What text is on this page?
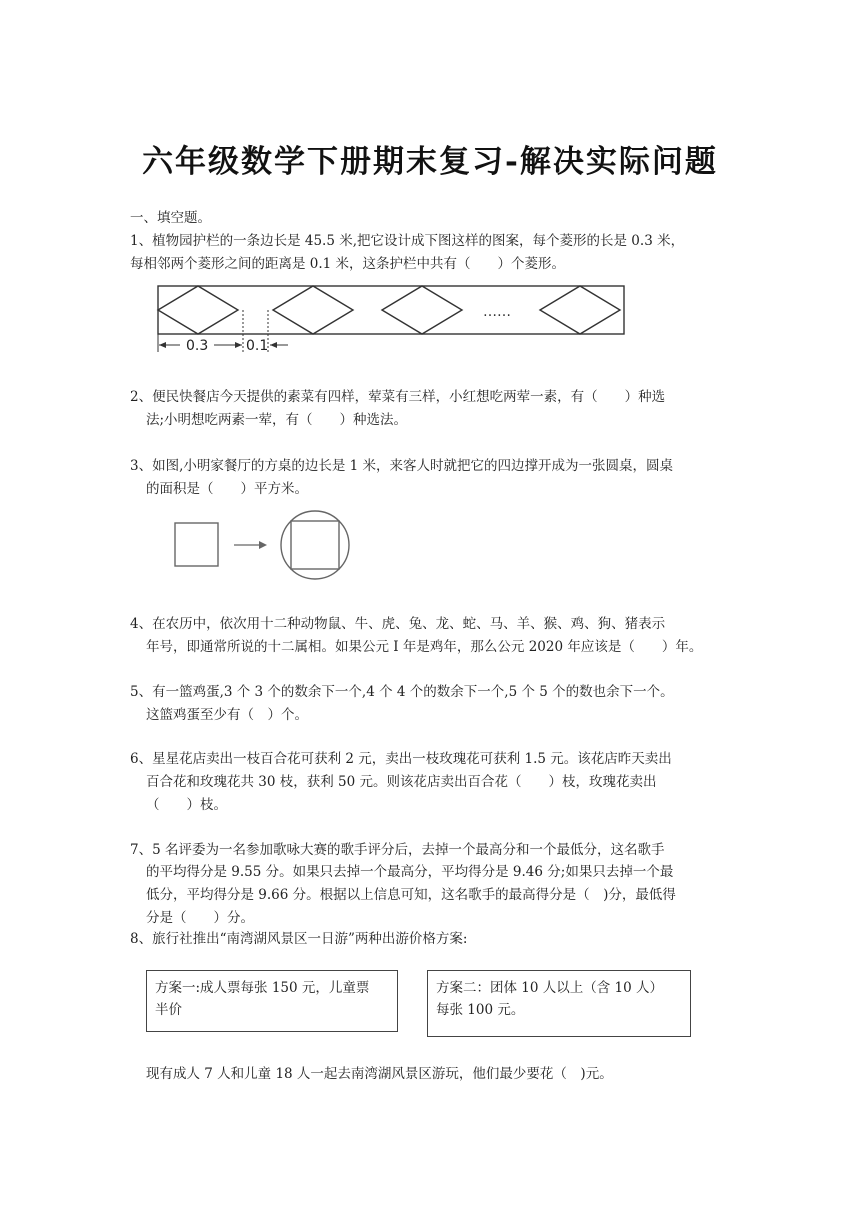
六年级数学下册期末复习-解决实际问题
一、填空题。
1、植物园护栏的一条边长是 45.5 米,把它设计成下图这样的图案，每个菱形的长是 0.3 米，
每相邻两个菱形之间的距离是 0.1 米，这条护栏中共有（　　）个菱形。
……
0.3	0.1
2、便民快餐店今天提供的素菜有四样，荤菜有三样，小红想吃两荤一素，有（　　）种选
法;小明想吃两素一荤，有（　　）种选法。
3、如图,小明家餐厅的方桌的边长是 1 米，来客人时就把它的四边撑开成为一张圆桌，圆桌
的面积是（　　）平方米。
4、在农历中，依次用十二种动物鼠、牛、虎、兔、龙、蛇、马、羊、猴、鸡、狗、猪表示
年号，即通常所说的十二属相。如果公元 I 年是鸡年，那么公元 2020 年应该是（　　）年。
5、有一篮鸡蛋,3 个 3 个的数余下一个,4 个 4 个的数余下一个,5 个 5 个的数也余下一个。
这篮鸡蛋至少有（　）个。
6、星星花店卖出一枝百合花可获利 2 元，卖出一枝玫瑰花可获利 1.5 元。该花店昨天卖出
百合花和玫瑰花共 30 枝，获利 50 元。则该花店卖出百合花（　　）枝，玫瑰花卖出
（　　）枝。
7、5 名评委为一名参加歌咏大赛的歌手评分后，去掉一个最高分和一个最低分，这名歌手
的平均得分是 9.55 分。如果只去掉一个最高分，平均得分是 9.46 分;如果只去掉一个最
低分，平均得分是 9.66 分。根据以上信息可知，这名歌手的最高得分是（　)分，最低得
分是（　　）分。
8、旅行社推出“南湾湖风景区一日游”两种出游价格方案:
方案一:成人票每张 150 元，儿童票
半价
方案二：团体 10 人以上（含 10 人）
每张 100 元。
现有成人 7 人和儿童 18 人一起去南湾湖风景区游玩，他们最少要花（　)元。
